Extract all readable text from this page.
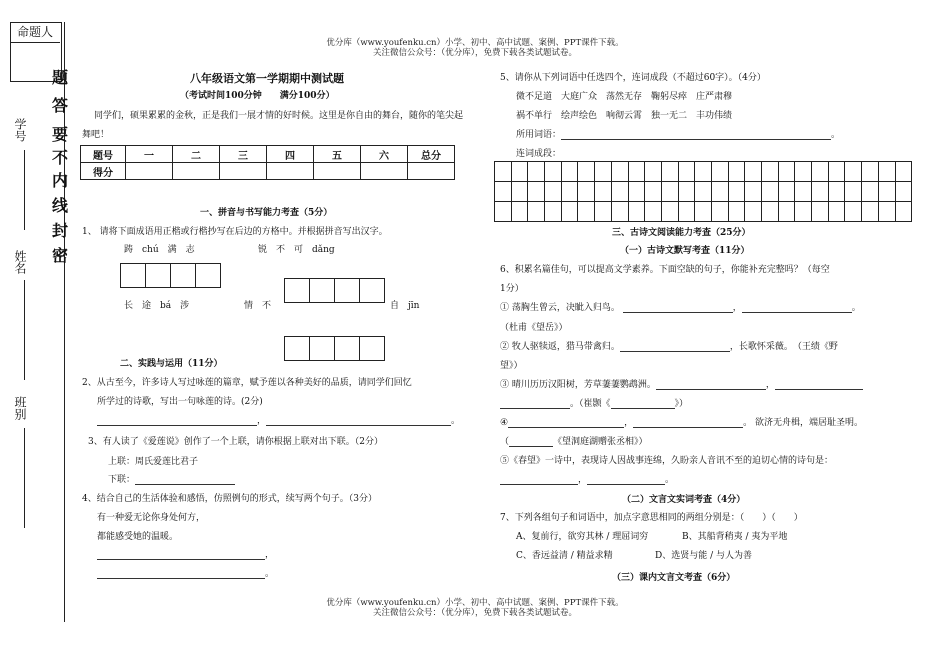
优分库（www.youfenku.cn）小学、初中、高中试题、案例、PPT课件下载。
关注微信公众号：（优分库），免费下载各类试题试卷。
命题人
题
答
要
不
内
线
封
密
学号
姓名
班别
八年级语文第一学期期中测试题
（考试时间100分钟　　满分100分）
同学们，硕果累累的金秋，正是我们一展才情的好时候。这里是你自由的舞台，随你的笔尖起
舞吧！
题号	一	二	三	四	五	六	总分
得分							
一、拼音与书写能力考查（5分）
1、 请将下面成语用正楷或行楷抄写在后边的方格中。并根据拼音写出汉字。
踌　chú　满　志	锐　不　可　dǎng
长　途　bá　涉	情　不	自　jīn
二、实践与运用（11分）
2、从古至今，许多诗人写过咏莲的篇章，赋予莲以各种美好的品质，请同学们回忆
所学过的诗歌，写出一句咏莲的诗。(2分)
，	。
3、有人读了《爱莲说》创作了一个上联，请你根据上联对出下联。（2分）
上联：周氏爱莲比君子
下联：
4、结合自己的生活体验和感悟，仿照例句的形式，续写两个句子。（3分）
有一种爱无论你身处何方，
都能感受她的温暖。
，
。
5、请你从下列词语中任选四个，连词成段（不超过60字）。（4分）
微不足道　大庭广众　荡然无存　鞠躬尽瘁　庄严肃穆
祸不单行　绘声绘色　响彻云霄　独一无二　丰功伟绩
所用词语：	。
连词成段：

三、古诗文阅读能力考查（25分）
（一）古诗文默写考查（11分）
6、积累名篇佳句，可以提高文学素养。下面空缺的句子，你能补充完整吗？（每空
1分）
① 荡胸生曾云，决眦入归鸟。	，	。
（杜甫《望岳》）
② 牧人驱犊返，猎马带禽归。	，长歌怀采薇。　（王绩《野
望》）
③ 晴川历历汉阳树，芳草萋萋鹦鹉洲。	，
。（崔颢《	》）
④	，	。 欲济无舟楫，端居耻圣明。
（	《望洞庭湖赠张丞相》）
⑤《春望》一诗中，表现诗人因战事连绵，久盼亲人音讯不至的迫切心情的诗句是：
，	。
（二）文言文实词考查（4分）
7、下列各组句子和词语中，加点字意思相同的两组分别是：（　　）（　　）
A、复前行，欲穷其林 / 理屈词穷	B、其船背稍夷 / 夷为平地
C、香远益清 / 精益求精	D、选贤与能 / 与人为善
（三）课内文言文考查（6分）
优分库（www.youfenku.cn）小学、初中、高中试题、案例、PPT课件下载。
关注微信公众号：（优分库），免费下载各类试题试卷。
